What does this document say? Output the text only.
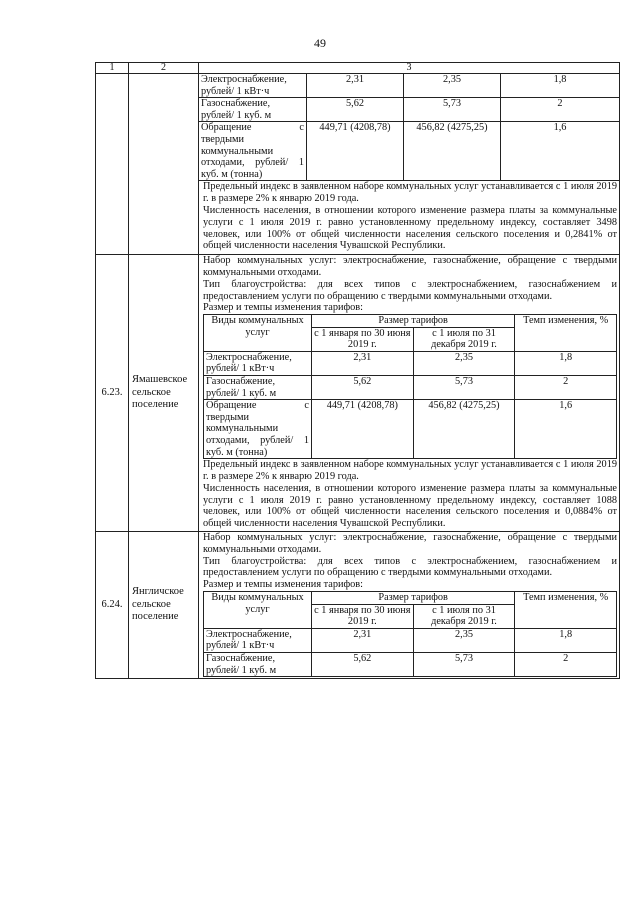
49
1	2	3

Электроснабжение, рублей/ 1 кВт·ч	2,31	2,35	1,8
Газоснабжение, рублей/ 1 куб. м	5,62	5,73	2
Обращение с твердыми коммунальными отходами, рублей/ 1 куб. м (тонна)	449,71 (4208,78)	456,82 (4275,25)	1,6

Предельный индекс в заявленном наборе коммунальных услуг устанавливается с 1 июля 2019 г. в размере 2% к январю 2019 года.

Численность населения, в отношении которого изменение размера платы за коммунальные услуги с 1 июля 2019 г. равно установленному предельному индексу, составляет 3498 человек, или 100% от общей численности населения сельского поселения и 0,2841% от общей численности населения Чувашской Республики.

6.23.	Ямашевское сельское поселение	

Набор коммунальных услуг: электроснабжение, газоснабжение, обращение с твердыми коммунальными отходами.

Тип благоустройства: для всех типов с электроснабжением, газоснабжением и предоставлением услуги по обращению с твердыми коммунальными отходами.

Размер и темпы изменения тарифов:

Виды коммунальных услуг	Размер тарифов	Темп изменения, %
с 1 января по 30 июня 2019 г.	с 1 июля по 31 декабря 2019 г.
Электроснабжение, рублей/ 1 кВт·ч	2,31	2,35	1,8
Газоснабжение, рублей/ 1 куб. м	5,62	5,73	2
Обращение с твердыми коммунальными отходами, рублей/ 1 куб. м (тонна)	449,71 (4208,78)	456,82 (4275,25)	1,6

Предельный индекс в заявленном наборе коммунальных услуг устанавливается с 1 июля 2019 г. в размере 2% к январю 2019 года.

Численность населения, в отношении которого изменение размера платы за коммунальные услуги с 1 июля 2019 г. равно установленному предельному индексу, составляет 1088 человек, или 100% от общей численности населения сельского поселения и 0,0884% от общей численности населения Чувашской Республики.

6.24.	Янгличское сельское поселение	

Набор коммунальных услуг: электроснабжение, газоснабжение, обращение с твердыми коммунальными отходами.

Тип благоустройства: для всех типов с электроснабжением, газоснабжением и предоставлением услуги по обращению с твердыми коммунальными отходами.

Размер и темпы изменения тарифов:

Виды коммунальных услуг	Размер тарифов	Темп изменения, %
с 1 января по 30 июня 2019 г.	с 1 июля по 31 декабря 2019 г.
Электроснабжение, рублей/ 1 кВт·ч	2,31	2,35	1,8
Газоснабжение, рублей/ 1 куб. м	5,62	5,73	2
